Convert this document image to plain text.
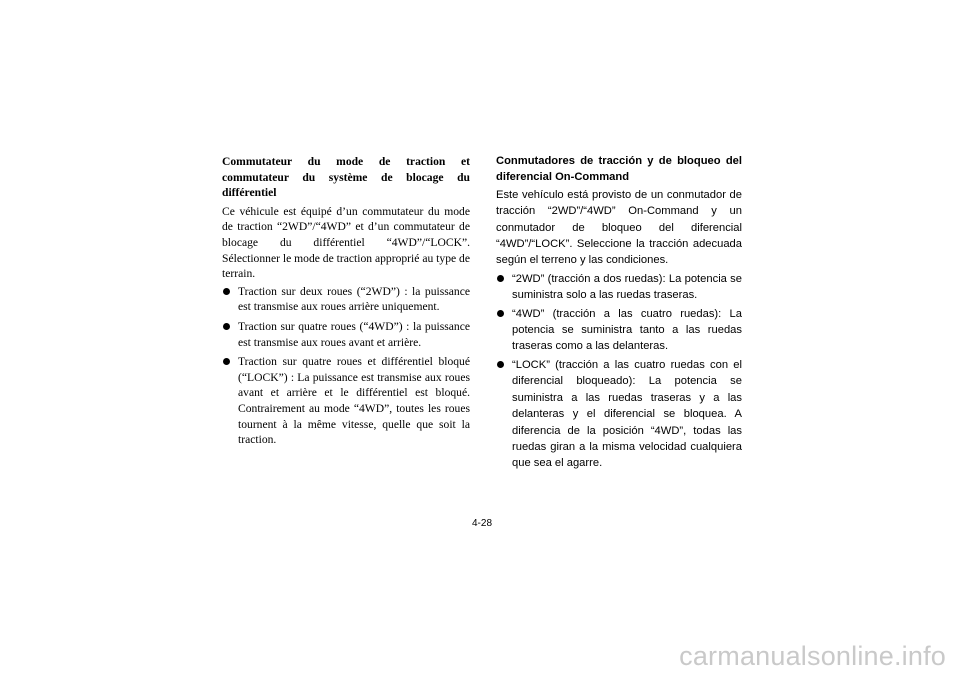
Commutateur du mode de traction et commutateur du système de blocage du différentiel
Ce véhicule est équipé d’un commutateur du mode de traction “2WD”/“4WD” et d’un commutateur de blocage du différentiel “4WD”/“LOCK”. Sélectionner le mode de traction approprié au type de terrain.
Traction sur deux roues (“2WD”) : la puissance est transmise aux roues arrière uniquement.
Traction sur quatre roues (“4WD”) : la puissance est transmise aux roues avant et arrière.
Traction sur quatre roues et différentiel bloqué (“LOCK”) : La puissance est transmise aux roues avant et arrière et le différentiel est bloqué. Contrairement au mode “4WD”, toutes les roues tournent à la même vitesse, quelle que soit la traction.
Conmutadores de tracción y de bloqueo del diferencial On-Command
Este vehículo está provisto de un conmutador de tracción “2WD”/“4WD” On-Command y un conmutador de bloqueo del diferencial “4WD”/“LOCK”. Seleccione la tracción adecuada según el terreno y las condiciones.
“2WD” (tracción a dos ruedas): La potencia se suministra solo a las ruedas traseras.
“4WD” (tracción a las cuatro ruedas): La potencia se suministra tanto a las ruedas traseras como a las delanteras.
“LOCK” (tracción a las cuatro ruedas con el diferencial bloqueado): La potencia se suministra a las ruedas traseras y a las delanteras y el diferencial se bloquea. A diferencia de la posición “4WD”, todas las ruedas giran a la misma velocidad cualquiera que sea el agarre.
4-28
carmanualsonline.info
